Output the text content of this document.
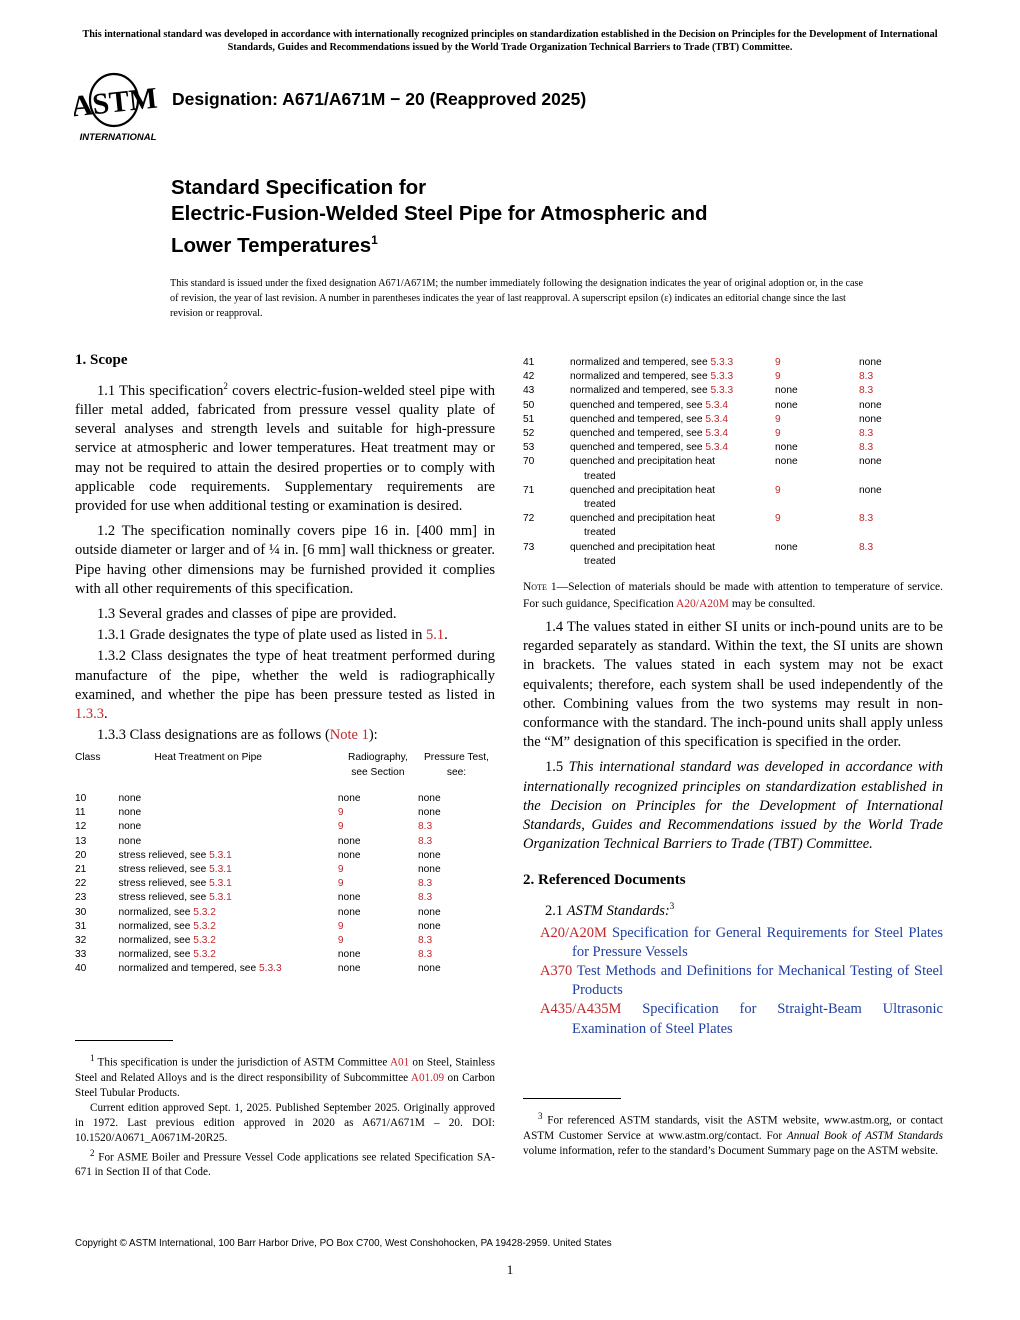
This international standard was developed in accordance with internationally recognized principles on standardization established in the Decision on Principles for the Development of International Standards, Guides and Recommendations issued by the World Trade Organization Technical Barriers to Trade (TBT) Committee.
ASTM
INTERNATIONAL
Designation: A671/A671M − 20 (Reapproved 2025)
Standard Specification for
Electric-Fusion-Welded Steel Pipe for Atmospheric and
Lower Temperatures$^1$
This standard is issued under the fixed designation A671/A671M; the number immediately following the designation indicates the year of original adoption or, in the case of revision, the year of last revision. A number in parentheses indicates the year of last reapproval. A superscript epsilon (ε) indicates an editorial change since the last revision or reapproval.
1. Scope

1.1 This specification$^2$ covers electric-fusion-welded steel pipe with filler metal added, fabricated from pressure vessel quality plate of several analyses and strength levels and suitable for high-pressure service at atmospheric and lower temperatures. Heat treatment may or may not be required to attain the desired properties or to comply with applicable code requirements. Supplementary requirements are provided for use when additional testing or examination is desired.

1.2 The specification nominally covers pipe 16 in. [400 mm] in outside diameter or larger and of ¼ in. [6 mm] wall thickness or greater. Pipe having other dimensions may be furnished provided it complies with all other requirements of this specification.

1.3 Several grades and classes of pipe are provided.

1.3.1 Grade designates the type of plate used as listed in 5.1.

1.3.2 Class designates the type of heat treatment performed during manufacture of the pipe, whether the weld is radiographically examined, and whether the pipe has been pressure tested as listed in 1.3.3.

1.3.3 Class designations are as follows (Note 1):

Class	Heat Treatment on Pipe	Radiography,
see Section	Pressure Test,
see:

10	none	none	none
11	none	9	none
12	none	9	8.3
13	none	none	8.3
20	stress relieved, see 5.3.1	none	none
21	stress relieved, see 5.3.1	9	none
22	stress relieved, see 5.3.1	9	8.3
23	stress relieved, see 5.3.1	none	8.3
30	normalized, see 5.3.2	none	none
31	normalized, see 5.3.2	9	none
32	normalized, see 5.3.2	9	8.3
33	normalized, see 5.3.2	none	8.3
40	normalized and tempered, see 5.3.3	none	none
41	normalized and tempered, see 5.3.3	9	none
42	normalized and tempered, see 5.3.3	9	8.3
43	normalized and tempered, see 5.3.3	none	8.3
50	quenched and tempered, see 5.3.4	none	none
51	quenched and tempered, see 5.3.4	9	none
52	quenched and tempered, see 5.3.4	9	8.3
53	quenched and tempered, see 5.3.4	none	8.3
70	quenched and precipitation heat
treated	none	none
71	quenched and precipitation heat
treated	9	none
72	quenched and precipitation heat
treated	9	8.3
73	quenched and precipitation heat
treated	none	8.3
Note 1—Selection of materials should be made with attention to temperature of service. For such guidance, Specification A20/A20M may be consulted.

1.4 The values stated in either SI units or inch-pound units are to be regarded separately as standard. Within the text, the SI units are shown in brackets. The values stated in each system may not be exact equivalents; therefore, each system shall be used independently of the other. Combining values from the two systems may result in non-conformance with the standard. The inch-pound units shall apply unless the “M” designation of this specification is specified in the order.

1.5 This international standard was developed in accordance with internationally recognized principles on standardization established in the Decision on Principles for the Development of International Standards, Guides and Recommendations issued by the World Trade Organization Technical Barriers to Trade (TBT) Committee.

2. Referenced Documents

2.1 ASTM Standards:$^3$

A20/A20M Specification for General Requirements for Steel Plates for Pressure Vessels
A370 Test Methods and Definitions for Mechanical Testing of Steel Products
A435/A435M Specification for Straight-Beam Ultrasonic Examination of Steel Plates

$^1$ This specification is under the jurisdiction of ASTM Committee A01 on Steel, Stainless Steel and Related Alloys and is the direct responsibility of Subcommittee A01.09 on Carbon Steel Tubular Products.

Current edition approved Sept. 1, 2025. Published September 2025. Originally approved in 1972. Last previous edition approved in 2020 as A671/A671M – 20. DOI: 10.1520/A0671_A0671M-20R25.

$^2$ For ASME Boiler and Pressure Vessel Code applications see related Specification SA-671 in Section II of that Code.

$^3$ For referenced ASTM standards, visit the ASTM website, www.astm.org, or contact ASTM Customer Service at www.astm.org/contact. For Annual Book of ASTM Standards volume information, refer to the standard’s Document Summary page on the ASTM website.

Copyright © ASTM International, 100 Barr Harbor Drive, PO Box C700, West Conshohocken, PA 19428-2959. United States
1
